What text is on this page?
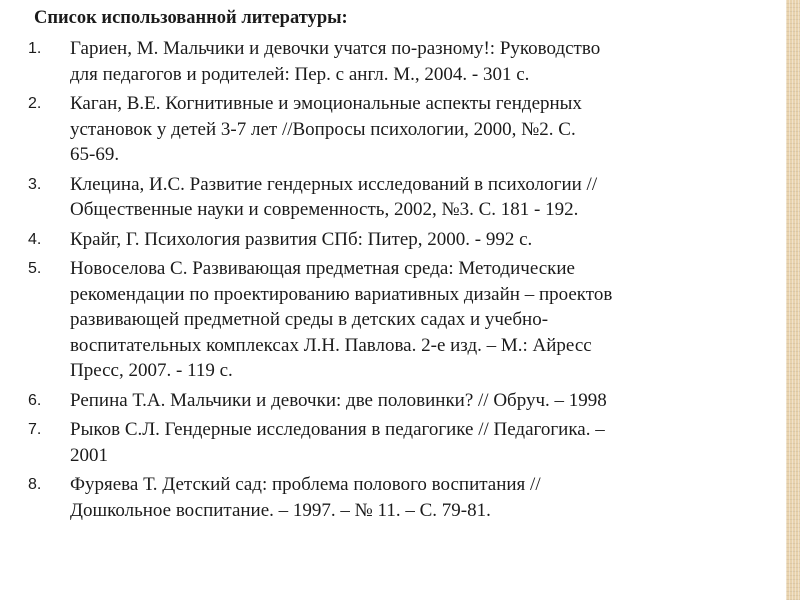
Список использованной литературы:
1.	Гариен, М. Мальчики и девочки учатся по-разному!: Руководство
для педагогов и родителей: Пер. с англ. М., 2004. - 301 с.
2.	Каган, В.Е. Когнитивные и эмоциональные аспекты гендерных
установок у детей 3-7 лет //Вопросы психологии, 2000, №2. С.
65-69.
3.	Клецина, И.С. Развитие гендерных исследований в психологии //
Общественные науки и современность, 2002, №3. С. 181 - 192.
4.	Крайг, Г. Психология развития СПб: Питер, 2000. - 992 с.
5.	Новоселова С. Развивающая предметная среда: Методические
рекомендации по проектированию вариативных дизайн – проектов
развивающей предметной среды в детских садах и учебно-
воспитательных комплексах Л.Н. Павлова. 2-е изд. – М.: Айресс
Пресс, 2007. - 119 с.
6.	Репина Т.А. Мальчики и девочки: две половинки? // Обруч. – 1998
7.	Рыков С.Л. Гендерные исследования в педагогике // Педагогика. –
2001
8.	Фуряева Т. Детский сад: проблема полового воспитания //
Дошкольное воспитание. – 1997. – № 11. – С. 79-81.
